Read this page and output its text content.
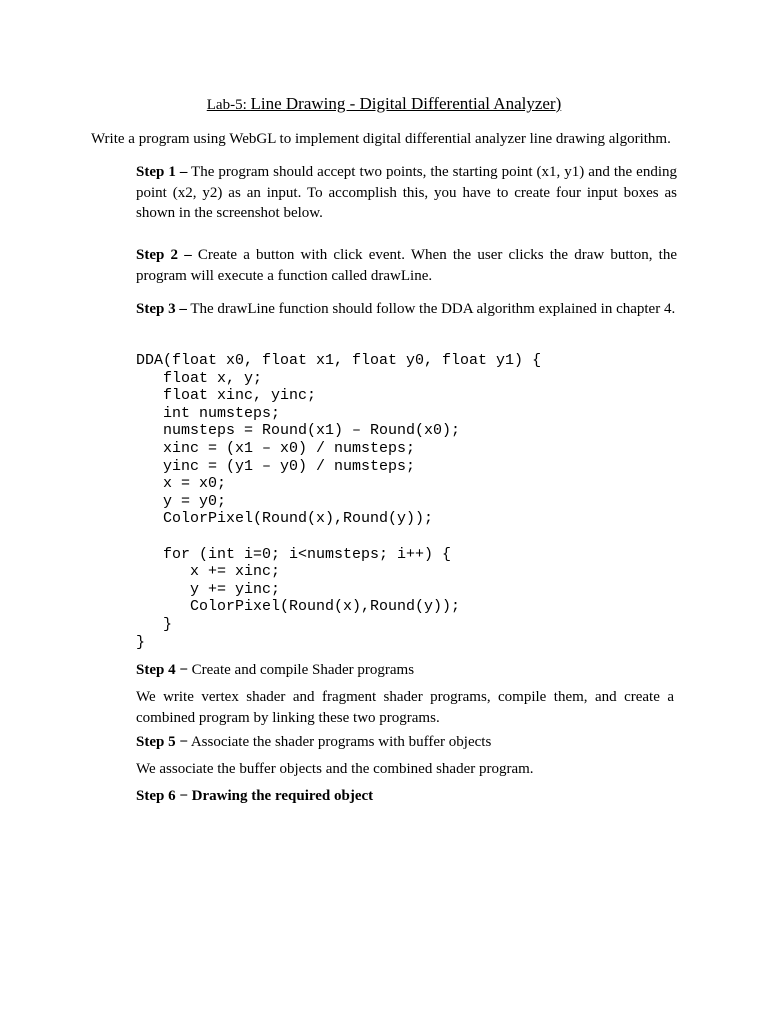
Lab-5: Line Drawing - Digital Differential Analyzer)
Write a program using WebGL to implement digital differential analyzer line drawing algorithm.

Step 1 – The program should accept two points, the starting point (x1, y1) and the ending point (x2, y2) as an input. To accomplish this, you have to create four input boxes as shown in the screenshot below.

Step 2 – Create a button with click event. When the user clicks the draw button, the program will execute a function called drawLine.

Step 3 – The drawLine function should follow the DDA algorithm explained in chapter 4.

DDA(float x0, float x1, float y0, float y1) {
float x, y;
float xinc, yinc;
int numsteps;
numsteps = Round(x1) – Round(x0);
xinc = (x1 – x0) / numsteps;
yinc = (y1 – y0) / numsteps;
x = x0;
y = y0;
ColorPixel(Round(x),Round(y));

for (int i=0; i<numsteps; i++) {
x += xinc;
y += yinc;
ColorPixel(Round(x),Round(y));
}
}

Step 4 − Create and compile Shader programs

We write vertex shader and fragment shader programs, compile them, and create a combined program by linking these two programs.

Step 5 − Associate the shader programs with buffer objects

We associate the buffer objects and the combined shader program.

Step 6 − Drawing the required object
